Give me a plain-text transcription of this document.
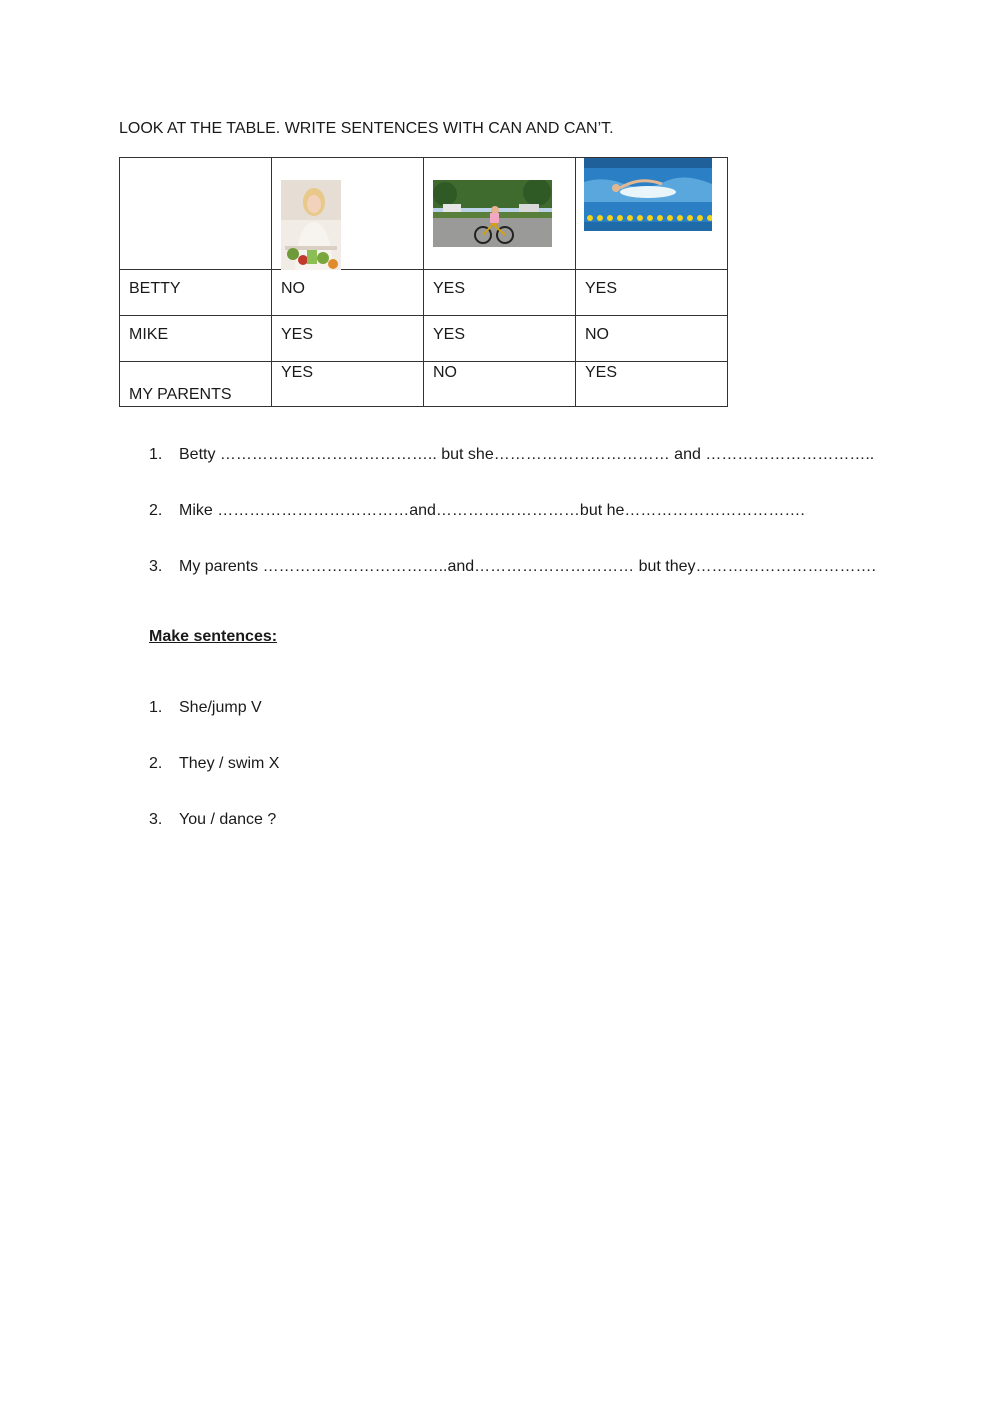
LOOK AT THE TABLE. WRITE SENTENCES WITH CAN AND CAN’T.

BETTY	NO	YES	YES

MIKE	YES	YES	NO

MY PARENTS	YES	NO	YES
1. Betty ………………………………….. but she…………………………… and …………………………..
2. Mike ………………………………and………………………but he…………………………….
3. My parents ……………………………..and………………………… but they…………………………….
Make sentences:
1. She/jump V
2. They / swim X
3. You / dance ?
